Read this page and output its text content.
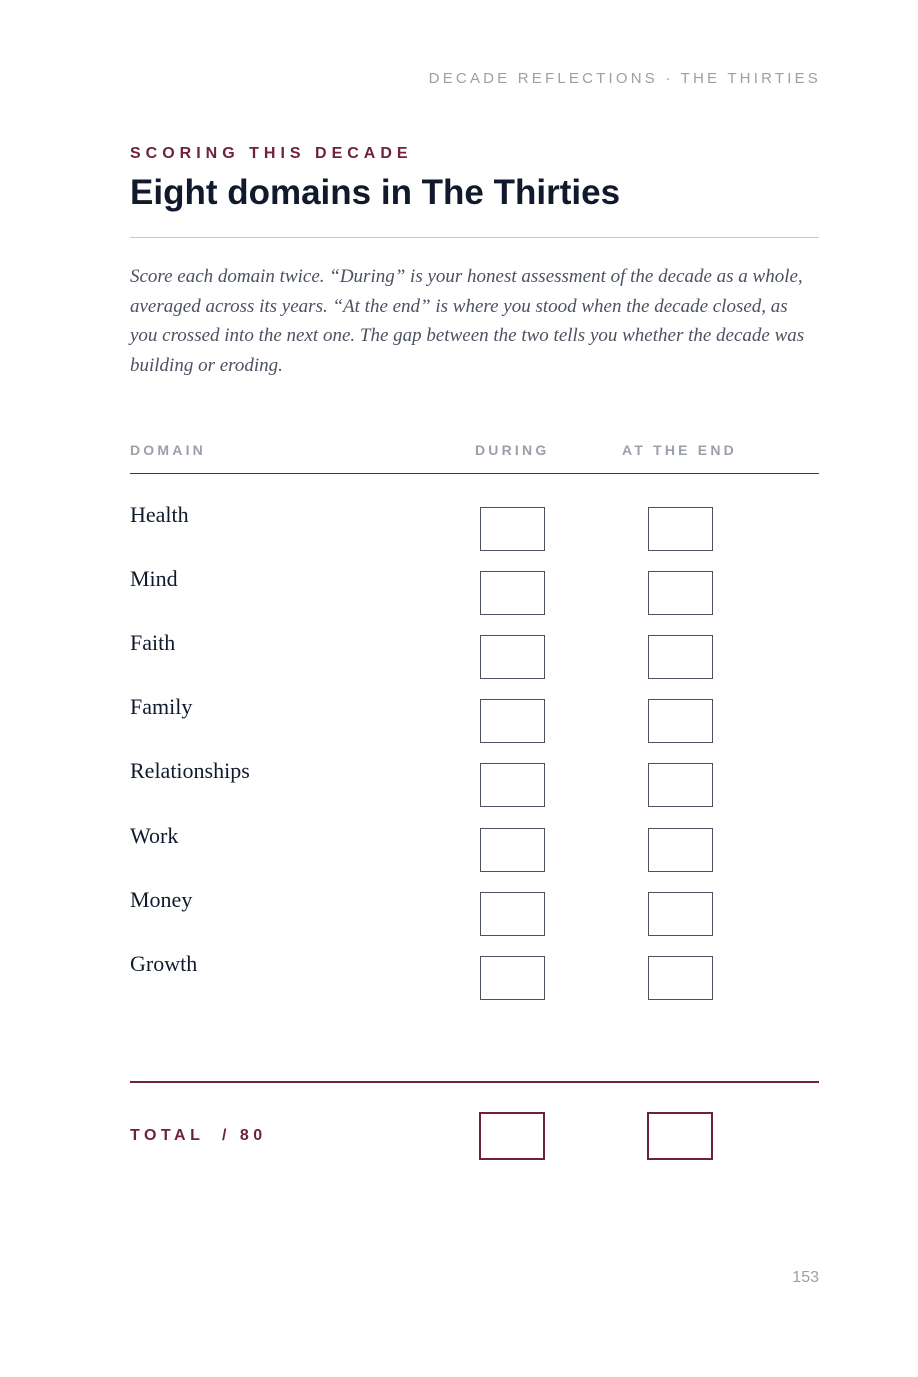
DECADE REFLECTIONS · THE THIRTIES
SCORING THIS DECADE
Eight domains in The Thirties

Score each domain twice. “During” is your honest assessment of the decade as a whole, averaged across its years. “At the end” is where you stood when the decade closed, as you crossed into the next one. The gap between the two tells you whether the decade was building or eroding.

DOMAIN	DURING	AT THE END
Health
Mind
Faith
Family
Relationships
Work
Money
Growth
TOTAL / 80
153
